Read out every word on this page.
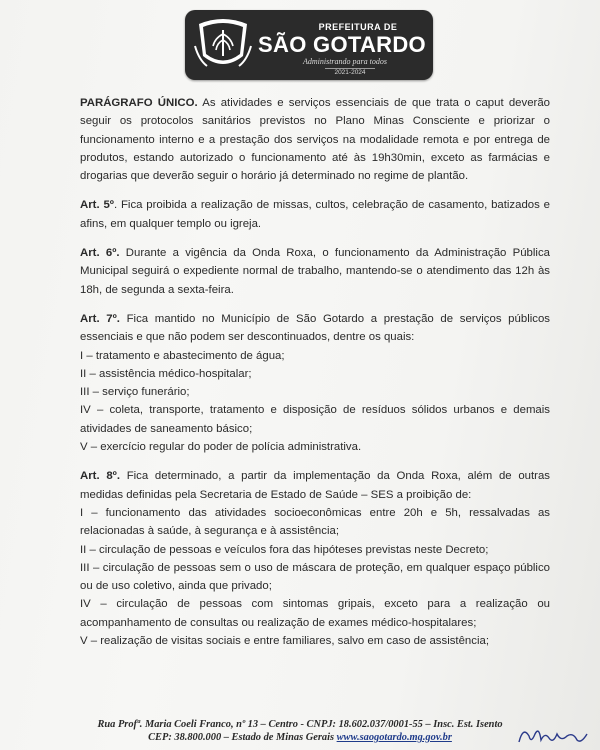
PREFEITURA DE
SÃO GOTARDO
Administrando para todos
2021-2024

PARÁGRAFO ÚNICO. As atividades e serviços essenciais de que trata o caput deverão seguir os protocolos sanitários previstos no Plano Minas Consciente e priorizar o funcionamento interno e a prestação dos serviços na modalidade remota e por entrega de produtos, estando autorizado o funcionamento até às 19h30min, exceto as farmácias e drogarias que deverão seguir o horário já determinado no regime de plantão.

Art. 5º. Fica proibida a realização de missas, cultos, celebração de casamento, batizados e afins, em qualquer templo ou igreja.

Art. 6º. Durante a vigência da Onda Roxa, o funcionamento da Administração Pública Municipal seguirá o expediente normal de trabalho, mantendo-se o atendimento das 12h às 18h, de segunda a sexta-feira.

Art. 7º. Fica mantido no Município de São Gotardo a prestação de serviços públicos essenciais e que não podem ser descontinuados, dentre os quais:

I – tratamento e abastecimento de água;

II – assistência médico-hospitalar;

III – serviço funerário;

IV – coleta, transporte, tratamento e disposição de resíduos sólidos urbanos e demais atividades de saneamento básico;

V – exercício regular do poder de polícia administrativa.

Art. 8º. Fica determinado, a partir da implementação da Onda Roxa, além de outras medidas definidas pela Secretaria de Estado de Saúde – SES a proibição de:

I – funcionamento das atividades socioeconômicas entre 20h e 5h, ressalvadas as relacionadas à saúde, à segurança e à assistência;

II – circulação de pessoas e veículos fora das hipóteses previstas neste Decreto;

III – circulação de pessoas sem o uso de máscara de proteção, em qualquer espaço público ou de uso coletivo, ainda que privado;

IV – circulação de pessoas com sintomas gripais, exceto para a realização ou acompanhamento de consultas ou realização de exames médico-hospitalares;

V – realização de visitas sociais e entre familiares, salvo em caso de assistência;

Rua Profª. Maria Coeli Franco, nº 13 – Centro - CNPJ: 18.602.037/0001-55 – Insc. Est. Isento
CEP: 38.800.000 – Estado de Minas Gerais www.saogotardo.mg.gov.br
